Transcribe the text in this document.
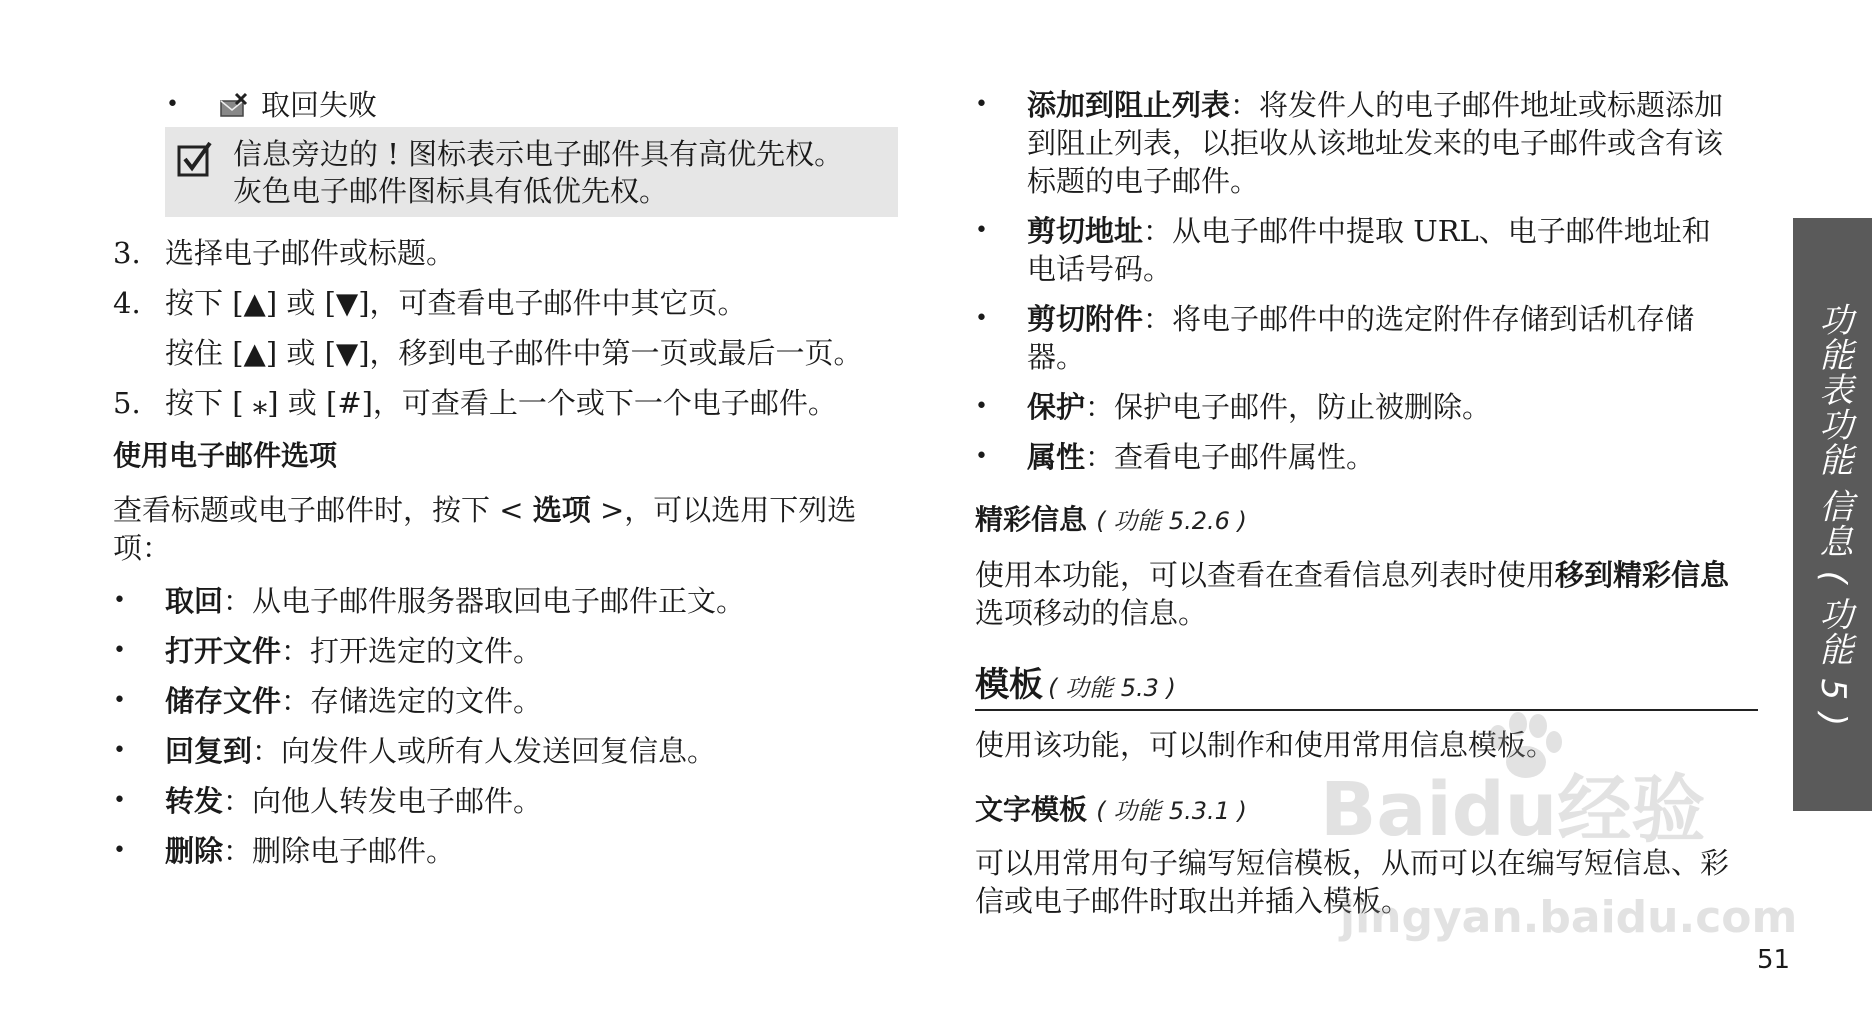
•	取回失败
信息旁边的 ! 图标表示电子邮件具有高优先权。
灰色电子邮件图标具有低优先权。
3. 选择电子邮件或标题。
4. 按下 [▲] 或 [▼]，可查看电子邮件中其它页。
按住 [▲] 或 [▼]，移到电子邮件中第一页或最后一页。
5. 按下 [ ⁎] 或 [#]，可查看上一个或下一个电子邮件。
使用电子邮件选项
查看标题或电子邮件时，按下 < 选项 >，可以选用下列选项：
• 取回：从电子邮件服务器取回电子邮件正文。
• 打开文件：打开选定的文件。
• 储存文件：存储选定的文件。
• 回复到：向发件人或所有人发送回复信息。
• 转发：向他人转发电子邮件。
• 删除：删除电子邮件。
• 添加到阻止列表：将发件人的电子邮件地址或标题添加到阻止列表，以拒收从该地址发来的电子邮件或含有该标题的电子邮件。
• 剪切地址：从电子邮件中提取 URL、电子邮件地址和电话号码。
• 剪切附件：将电子邮件中的选定附件存储到话机存储器。
• 保护：保护电子邮件，防止被删除。
• 属性：查看电子邮件属性。
精彩信息 ( 功能 5.2.6 )
使用本功能，可以查看在查看信息列表时使用移到精彩信息选项移动的信息。
模板 ( 功能 5.3 )
使用该功能，可以制作和使用常用信息模板。
文字模板 ( 功能 5.3.1 )
可以用常用句子编写短信模板，从而可以在编写短信息、彩信或电子邮件时取出并插入模板。
功能表功能 信息 ( 功能 5 )
51
Baidu经验
jingyan.baidu.com
